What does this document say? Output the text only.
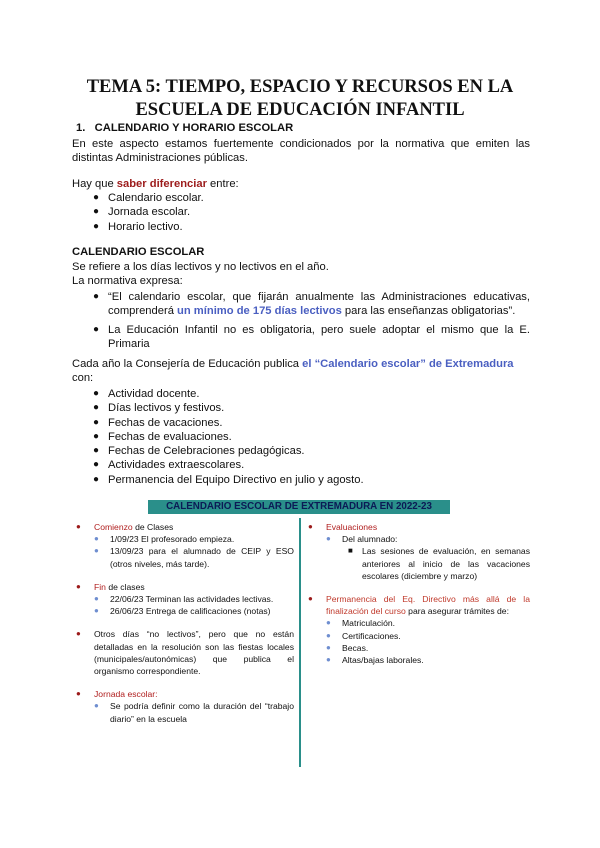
TEMA 5: TIEMPO, ESPACIO Y RECURSOS EN LA
ESCUELA DE EDUCACIÓN INFANTIL
1. CALENDARIO Y HORARIO ESCOLAR

En este aspecto estamos fuertemente condicionados por la normativa que emiten las distintas Administraciones públicas.

Hay que saber diferenciar entre:

● Calendario escolar.
● Jornada escolar.
● Horario lectivo.

CALENDARIO ESCOLAR

Se refiere a los días lectivos y no lectivos en el año.

La normativa expresa:

● “El calendario escolar, que fijarán anualmente las Administraciones educativas, comprenderá un mínimo de 175 días lectivos para las enseñanzas obligatorias”.
● La Educación Infantil no es obligatoria, pero suele adoptar el mismo que la E. Primaria

Cada año la Consejería de Educación publica el “Calendario escolar” de Extremadura
con:

● Actividad docente.
● Días lectivos y festivos.
● Fechas de vacaciones.
● Fechas de evaluaciones.
● Fechas de Celebraciones pedagógicas.
● Actividades extraescolares.
● Permanencia del Equipo Directivo en julio y agosto.
CALENDARIO ESCOLAR DE EXTREMADURA EN 2022-23
● Comienzo de Clases
● 1/09/23 El profesorado empieza.
● 13/09/23 para el alumnado de CEIP y ESO (otros niveles, más tarde).
● Fin de clases
● 22/06/23 Terminan las actividades lectivas.
● 26/06/23 Entrega de calificaciones (notas)
● Otros días “no lectivos”, pero que no están detalladas en la resolución son las fiestas locales (municipales/autonómicas) que publica el organismo correspondiente.
● Jornada escolar:
● Se podría definir como la duración del “trabajo diario” en la escuela
● Evaluaciones
● Del alumnado:
■ Las sesiones de evaluación, en semanas anteriores al inicio de las vacaciones escolares (diciembre y marzo)
● Permanencia del Eq. Directivo más allá de la finalización del curso para asegurar trámites de:
● Matriculación.
● Certificaciones.
● Becas.
● Altas/bajas laborales.
